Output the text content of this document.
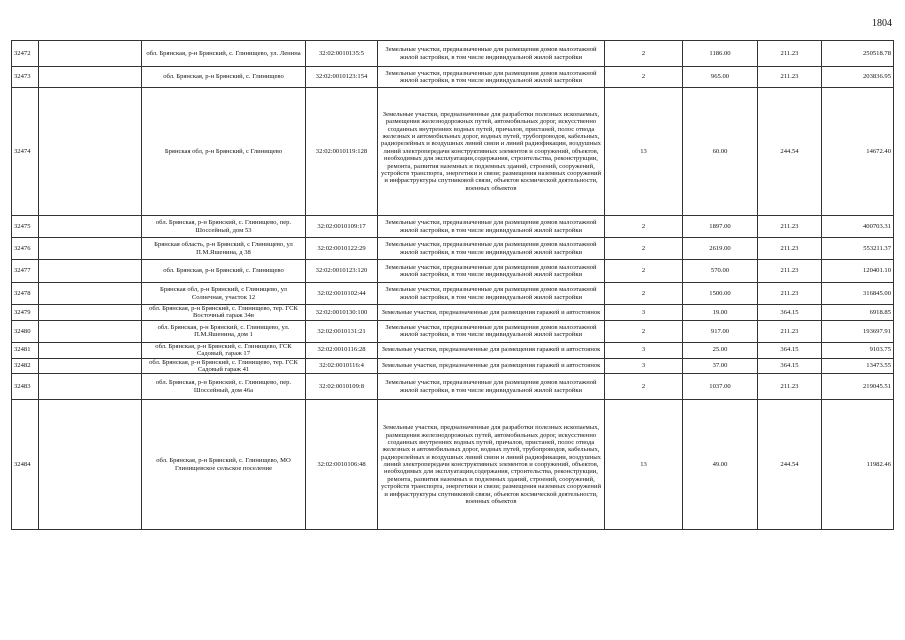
1804
32472		обл. Брянская, р-н Брянский, с. Глинищево, ул. Ленина	32:02:0010135:5	Земельные участки, предназначенные для размещения домов малоэтажной жилой застройки, в том числе индивидуальной жилой застройки	2	1186.00	211.23	250518.78
32473		обл. Брянская, р-н Брянский, с. Глинищево	32:02:0010123:154	Земельные участки, предназначенные для размещения домов малоэтажной жилой застройки, в том числе индивидуальной жилой застройки	2	965.00	211.23	203836.95
32474		Брянская обл, р-н Брянский, с Глинищево	32:02:0010119:128	Земельные участки, предназначенные для разработки полезных ископаемых, размещения железнодорожных путей, автомобильных дорог, искусственно созданных внутренних водных путей, причалов, пристаней, полос отвода железных и автомобильных дорог, водных путей, трубопроводов, кабельных, радиорелейных и воздушных линий связи и линий радиофикации, воздушных линий электропередачи конструктивных элементов и сооружений, объектов, необходимых для эксплуатации,содержания, строительства, реконструкции, ремонта, развития наземных и подземных зданий, строений, сооружений, устройств транспорта, энергетики и связи; размещения наземных сооружений и инфраструктуры спутниковой связи, объектов космической деятельности, военных объектов	13	60.00	244.54	14672.40
32475		обл. Брянская, р-н Брянский, с. Глинищево, пер. Шоссейный, дом 53	32:02:0010109:17	Земельные участки, предназначенные для размещения домов малоэтажной жилой застройки, в том числе индивидуальной жилой застройки	2	1897.00	211.23	400703.31
32476		Брянская область, р-н Брянский, с Глинищево, ул П.М.Яшенина, д 38	32:02:0010122:29	Земельные участки, предназначенные для размещения домов малоэтажной жилой застройки, в том числе индивидуальной жилой застройки	2	2619.00	211.23	553211.37
32477		обл. Брянская, р-н Брянский, с. Глинищево	32:02:0010123:120	Земельные участки, предназначенные для размещения домов малоэтажной жилой застройки, в том числе индивидуальной жилой застройки	2	570.00	211.23	120401.10
32478		Брянская обл, р-н Брянский, с Глинищево, ул Солнечная, участок 12	32:02:0010102:44	Земельные участки, предназначенные для размещения домов малоэтажной жилой застройки, в том числе индивидуальной жилой застройки	2	1500.00	211.23	316845.00
32479		обл. Брянская, р-н Брянский, с. Глинищево, тер. ГСК Восточный гараж 34в	32:02:0010130:100	Земельные участки, предназначенные для размещения гаражей и автостоянок	3	19.00	364.15	6918.85
32480		обл. Брянская, р-н Брянский, с. Глинищево, ул. П.М.Яшенина, дом 1	32:02:0010131:21	Земельные участки, предназначенные для размещения домов малоэтажной жилой застройки, в том числе индивидуальной жилой застройки	2	917.00	211.23	193697.91
32481		обл. Брянская, р-н Брянский, с. Глинищево, ГСК Садовый, гараж 17	32:02:0010116:28	Земельные участки, предназначенные для размещения гаражей и автостоянок	3	25.00	364.15	9103.75
32482		обл. Брянская, р-н Брянский, с. Глинищево, тер. ГСК Садовый гараж 41	32:02:0010116:4	Земельные участки, предназначенные для размещения гаражей и автостоянок	3	37.00	364.15	13473.55
32483		обл. Брянская, р-н Брянский, с. Глинищево, пер. Шоссейный, дом 46а	32:02:0010109:8	Земельные участки, предназначенные для размещения домов малоэтажной жилой застройки, в том числе индивидуальной жилой застройки	2	1037.00	211.23	219045.51
32484		обл. Брянская, р-н Брянский, с. Глинищево, МО Глинищевское сельское поселение	32:02:0010106:48	Земельные участки, предназначенные для разработки полезных ископаемых, размещения железнодорожных путей, автомобильных дорог, искусственно созданных внутренних водных путей, причалов, пристаней, полос отвода железных и автомобильных дорог, водных путей, трубопроводов, кабельных, радиорелейных и воздушных линий связи и линий радиофикации, воздушных линий электропередачи конструктивных элементов и сооружений, объектов, необходимых для эксплуатации,содержания, строительства, реконструкции, ремонта, развития наземных и подземных зданий, строений, сооружений, устройств транспорта, энергетики и связи; размещения наземных сооружений и инфраструктуры спутниковой связи, объектов космической деятельности, военных объектов	13	49.00	244.54	11982.46
